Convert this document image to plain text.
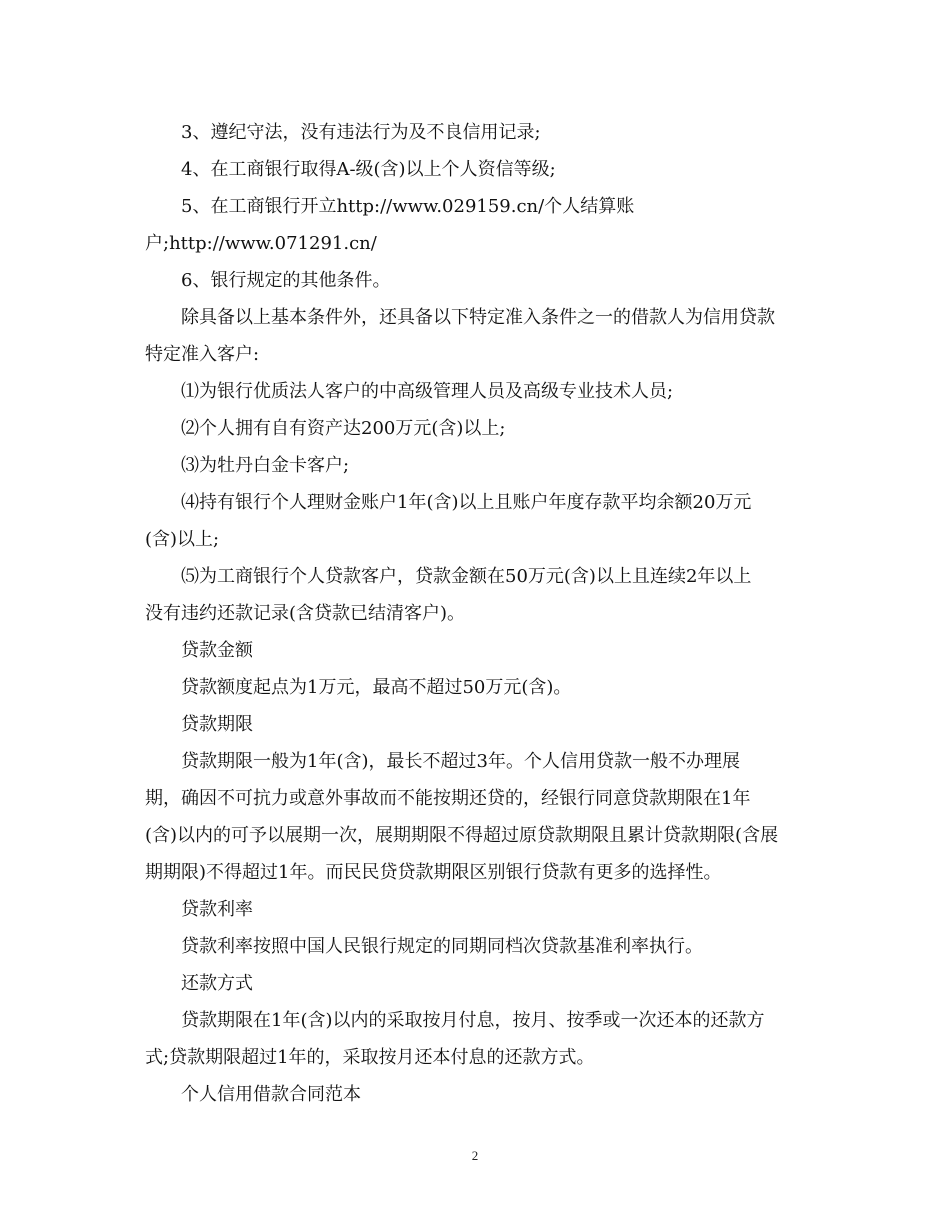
3、遵纪守法，没有违法行为及不良信用记录;

4、在工商银行取得A-级(含)以上个人资信等级;

5、在工商银行开立http://www.029159.cn/个人结算账

户;http://www.071291.cn/

6、银行规定的其他条件。

除具备以上基本条件外，还具备以下特定准入条件之一的借款人为信用贷款

特定准入客户:

⑴为银行优质法人客户的中高级管理人员及高级专业技术人员;

⑵个人拥有自有资产达200万元(含)以上;

⑶为牡丹白金卡客户;

⑷持有银行个人理财金账户1年(含)以上且账户年度存款平均余额20万元

(含)以上;

⑸为工商银行个人贷款客户，贷款金额在50万元(含)以上且连续2年以上

没有违约还款记录(含贷款已结清客户)。

贷款金额

贷款额度起点为1万元，最高不超过50万元(含)。

贷款期限

贷款期限一般为1年(含)，最长不超过3年。个人信用贷款一般不办理展

期，确因不可抗力或意外事故而不能按期还贷的，经银行同意贷款期限在1年

(含)以内的可予以展期一次，展期期限不得超过原贷款期限且累计贷款期限(含展

期期限)不得超过1年。而民民贷贷款期限区别银行贷款有更多的选择性。

贷款利率

贷款利率按照中国人民银行规定的同期同档次贷款基准利率执行。

还款方式

贷款期限在1年(含)以内的采取按月付息，按月、按季或一次还本的还款方

式;贷款期限超过1年的，采取按月还本付息的还款方式。

个人信用借款合同范本

2
